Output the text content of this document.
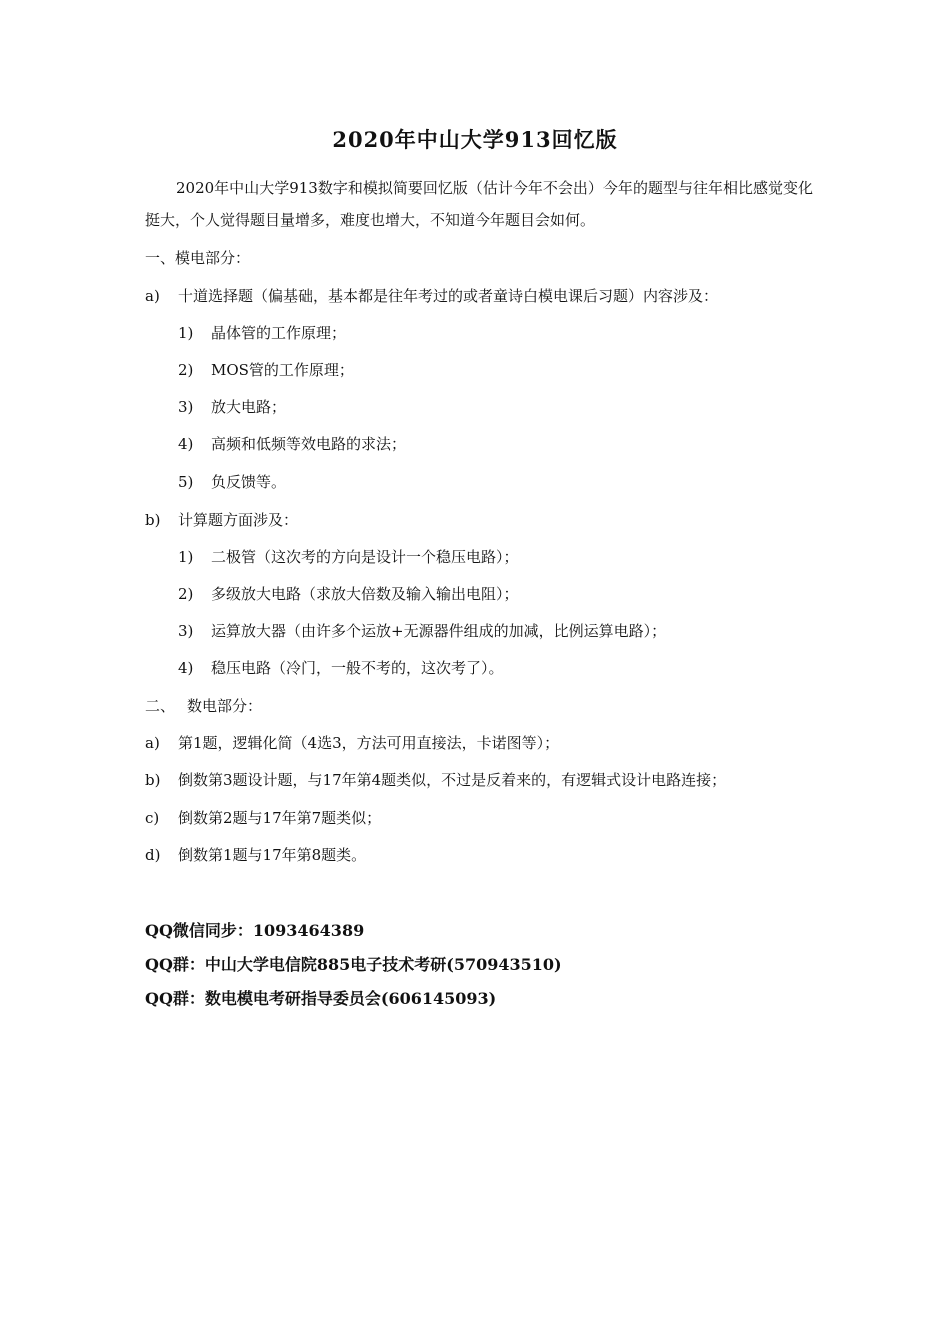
2020年中山大学913回忆版
2020年中山大学913数字和模拟简要回忆版（估计今年不会出）今年的题型与往年相比感觉变化挺大，个人觉得题目量增多，难度也增大，不知道今年题目会如何。
一、模电部分：
a) 十道选择题（偏基础，基本都是往年考过的或者童诗白模电课后习题）内容涉及：
1) 晶体管的工作原理；
2) MOS管的工作原理；
3) 放大电路；
4) 高频和低频等效电路的求法；
5) 负反馈等。
b) 计算题方面涉及：
1) 二极管（这次考的方向是设计一个稳压电路）；
2) 多级放大电路（求放大倍数及输入输出电阻）；
3) 运算放大器（由许多个运放+无源器件组成的加减，比例运算电路）；
4) 稳压电路（冷门，一般不考的，这次考了）。
二、 数电部分：
a) 第1题，逻辑化简（4选3，方法可用直接法，卡诺图等）；
b) 倒数第3题设计题，与17年第4题类似，不过是反着来的，有逻辑式设计电路连接；
c) 倒数第2题与17年第7题类似；
d) 倒数第1题与17年第8题类。
QQ微信同步：1093464389
QQ群：中山大学电信院885电子技术考研(570943510)
QQ群：数电模电考研指导委员会(606145093)
